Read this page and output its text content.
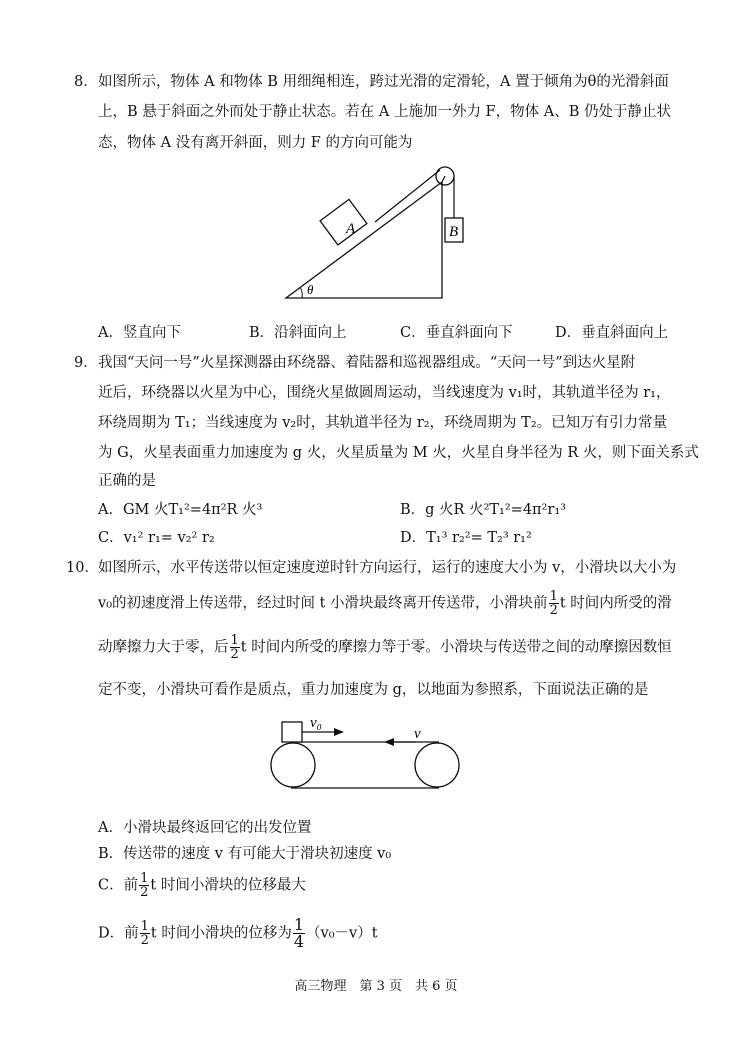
8． 如图所示，物体 A 和物体 B 用细绳相连，跨过光滑的定滑轮，A 置于倾角为θ的光滑斜面
上，B 悬于斜面之外而处于静止状态。若在 A 上施加一外力 F，物体 A、B 仍处于静止状
态，物体 A 没有离开斜面，则力 F 的方向可能为
A	B
θ
A．竖直向下	B．沿斜面向上	C．垂直斜面向下	D．垂直斜面向上
9． 我国“天问一号”火星探测器由环绕器、着陆器和巡视器组成。“天问一号”到达火星附
近后，环绕器以火星为中心，围绕火星做圆周运动，当线速度为 v₁时，其轨道半径为 r₁，
环绕周期为 T₁；当线速度为 v₂时，其轨道半径为 r₂，环绕周期为 T₂。已知万有引力常量
为 G，火星表面重力加速度为 g 火，火星质量为 M 火，火星自身半径为 R 火，则下面关系式
正确的是
A．GM 火T₁²=4π²R 火³	B．g 火R 火²T₁²=4π²r₁³
C．v₁² r₁= v₂² r₂	D．T₁³ r₂²= T₂³ r₁²
10． 如图所示，水平传送带以恒定速度逆时针方向运行，运行的速度大小为 v，小滑块以大小为
v₀的初速度滑上传送带，经过时间 t 小滑块最终离开传送带，小滑块前 $\frac{1}{2}$ t 时间内所受的滑
动摩擦力大于零，后 $\frac{1}{2}$ t 时间内所受的摩擦力等于零。小滑块与传送带之间的动摩擦因数恒
定不变，小滑块可看作是质点，重力加速度为 g，以地面为参照系，下面说法正确的是
v₀
v
A．小滑块最终返回它的出发位置
B．传送带的速度 v 有可能大于滑块初速度 v₀
C．前 $\frac{1}{2}$ t 时间小滑块的位移最大
D．前 $\frac{1}{2}$ t 时间小滑块的位移为 $\frac{1}{4} (v_0-v)t$
高三物理　第 3 页　共 6 页
